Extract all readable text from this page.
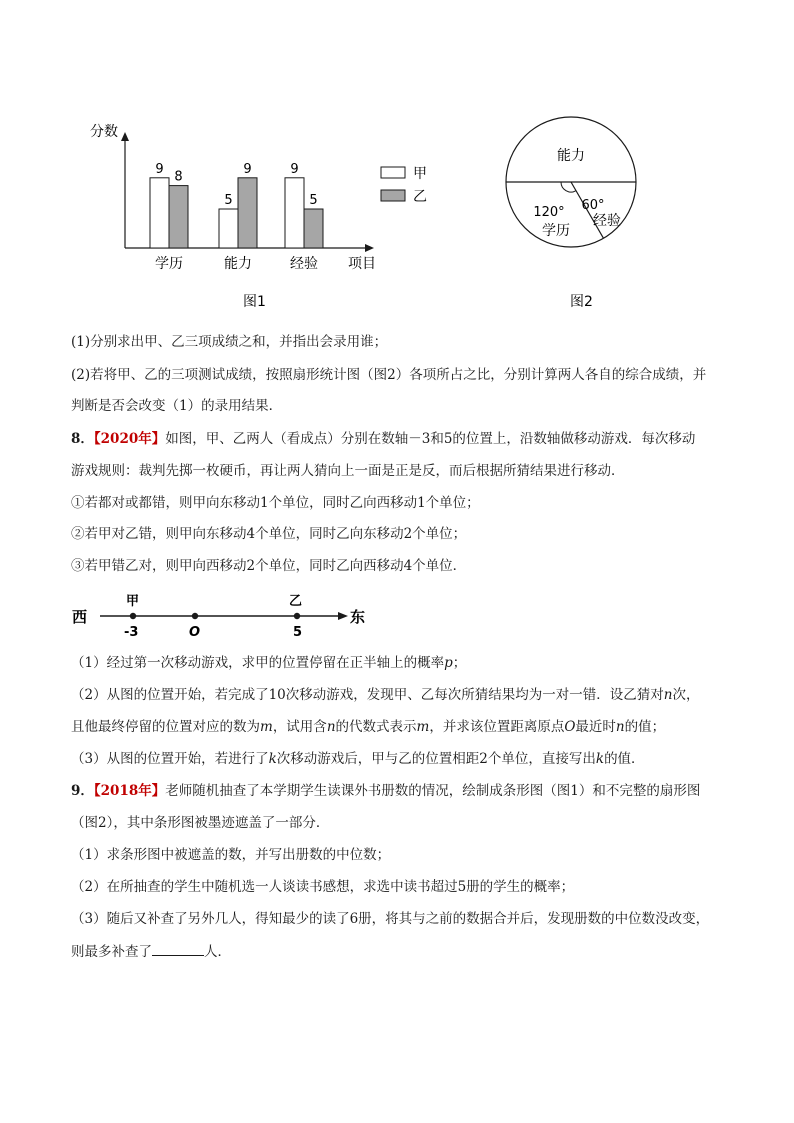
分数
项目
9
8
5
9	9
5
学历	能力	经验
甲
乙
图1
能力
120°
学历
60°
经验
图2
(1)分别求出甲、乙三项成绩之和，并指出会录用谁；
(2)若将甲、乙的三项测试成绩，按照扇形统计图（图2）各项所占之比，分别计算两人各自的综合成绩，并
判断是否会改变（1）的录用结果．
8．【2020年】如图，甲、乙两人（看成点）分别在数轴－3和5的位置上，沿数轴做移动游戏．每次移动
游戏规则：裁判先掷一枚硬币，再让两人猜向上一面是正是反，而后根据所猜结果进行移动．
①若都对或都错，则甲向东移动1个单位，同时乙向西移动1个单位；
②若甲对乙错，则甲向东移动4个单位，同时乙向东移动2个单位；
③若甲错乙对，则甲向西移动2个单位，同时乙向西移动4个单位．
西	东
甲	乙
-3	O	5
（1）经过第一次移动游戏，求甲的位置停留在正半轴上的概率p；
（2）从图的位置开始，若完成了10次移动游戏，发现甲、乙每次所猜结果均为一对一错．设乙猜对n次，
且他最终停留的位置对应的数为m，试用含n的代数式表示m，并求该位置距离原点O最近时n的值；
（3）从图的位置开始，若进行了k次移动游戏后，甲与乙的位置相距2个单位，直接写出k的值．
9．【2018年】老师随机抽查了本学期学生读课外书册数的情况，绘制成条形图（图1）和不完整的扇形图
（图2），其中条形图被墨迹遮盖了一部分．
（1）求条形图中被遮盖的数，并写出册数的中位数；
（2）在所抽查的学生中随机选一人谈读书感想，求选中读书超过5册的学生的概率；
（3）随后又补查了另外几人，得知最少的读了6册，将其与之前的数据合并后，发现册数的中位数没改变，
则最多补查了	人．
